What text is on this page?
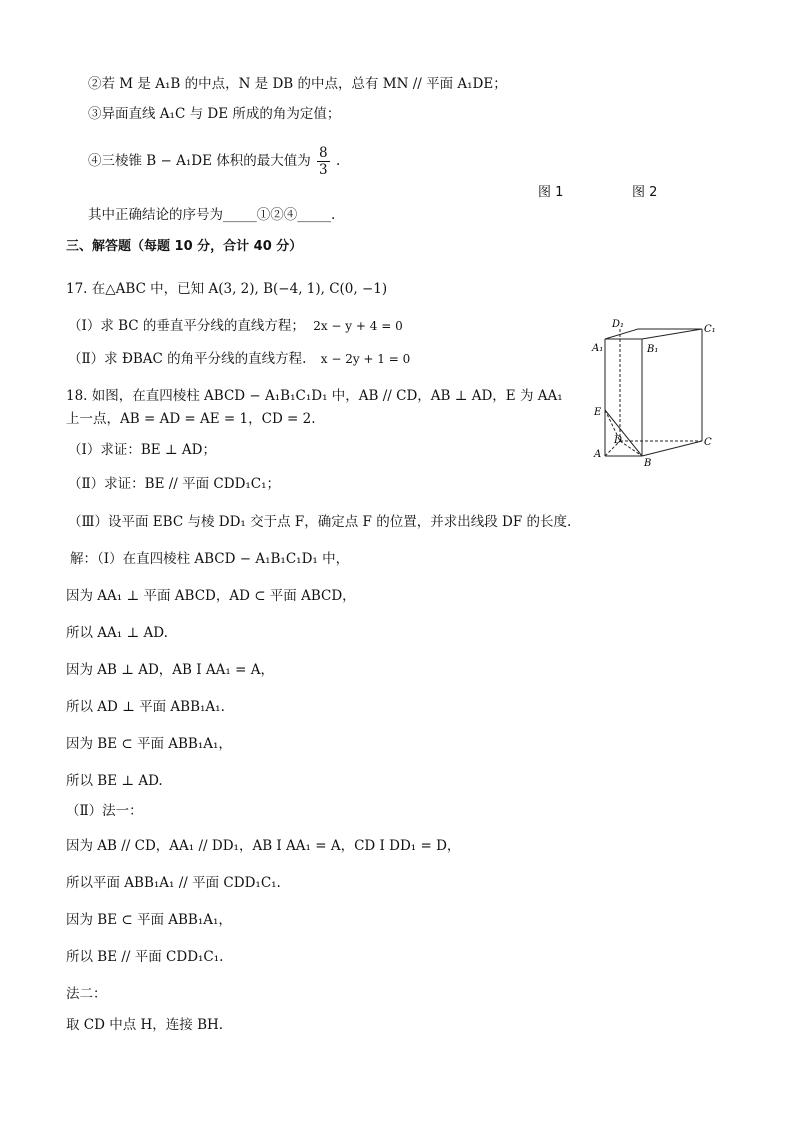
②若 M 是 A₁B 的中点，N 是 DB 的中点，总有 MN // 平面 A₁DE；
③异面直线 A₁C 与 DE 所成的角为定值；
④三棱锥 B − A₁DE 体积的最大值为 $\frac{8}{3}$ .
图 1	图 2
其中正确结论的序号为_____①②④_____.
三、解答题（每题 10 分，合计 40 分）
17. 在△ABC 中，已知 A(3, 2), B(−4, 1), C(0, −1)
（Ⅰ）求 BC 的垂直平分线的直线方程； 2x − y + 4 = 0
（Ⅱ）求 ÐBAC 的角平分线的直线方程. x − 2y + 1 = 0
18. 如图，在直四棱柱 ABCD − A₁B₁C₁D₁ 中，AB // CD，AB ⊥ AD，E 为 AA₁
上一点，AB = AD = AE = 1，CD = 2.
（Ⅰ）求证：BE ⊥ AD；
（Ⅱ）求证：BE // 平面 CDD₁C₁；
（Ⅲ）设平面 EBC 与棱 DD₁ 交于点 F，确定点 F 的位置，并求出线段 DF 的长度.
D₁	C₁
A₁	B₁
E
D	C
A
B
解：（Ⅰ）在直四棱柱 ABCD − A₁B₁C₁D₁ 中，
因为 AA₁ ⊥ 平面 ABCD，AD ⊂ 平面 ABCD，
所以 AA₁ ⊥ AD.
因为 AB ⊥ AD，AB Ι AA₁ = A，
所以 AD ⊥ 平面 ABB₁A₁.
因为 BE ⊂ 平面 ABB₁A₁，
所以 BE ⊥ AD.
（Ⅱ）法一：
因为 AB // CD，AA₁ // DD₁，AB Ι AA₁ = A，CD Ι DD₁ = D，
所以平面 ABB₁A₁ // 平面 CDD₁C₁.
因为 BE ⊂ 平面 ABB₁A₁，
所以 BE // 平面 CDD₁C₁.
法二：
取 CD 中点 H，连接 BH.
